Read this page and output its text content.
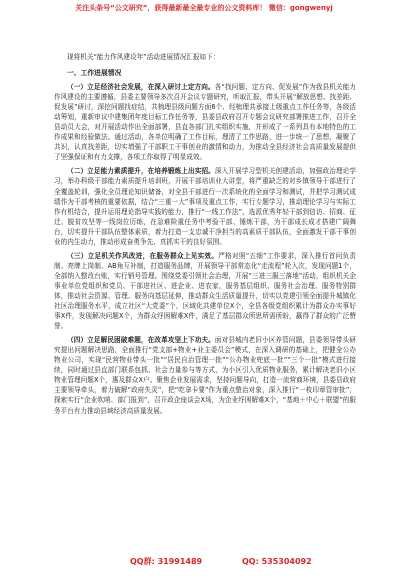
关注头条号“公文研究”，获得最新最全最专业的公文资料库！ 微信：gongwenyj

现将机关“能力作风建设年”活动进展情况汇报如下：

一、工作进展情况

（一）立足经济社会发展，在深入研讨上定方向。各“找问题、定方向、促发展”作为我县机关能力作风建设的主要遵循，县委主要领导多次召开会议专题研究，听取汇报，带头开展“解放思想、找差距、促发展”研讨，深挖问题找症结，共梳理县级问题方面6个、经梳理共承接上级重点工作任务等，各级活动筹划，重新审议中建集团年度目标工作任务等，县委县政府召开专题会议研究部署推进工作，召开全县动员大会，对开展活动作出全面部署，县直各部门扎实组织实施，并形成了一系列具有本地特色的工作成果和经验做法。通过活动，各单位明确了工作目标，理清了工作思路，进一步统一了思想，凝聚了共识，认真找差距，切实增强了干部职工干事创业的激情和动力，为推动全县经济社会高质量发展提供了坚强保证和有力支撑，各项工作取得了明显成效。

（二）立足能力素质提升，在培养锻炼上出实招。深入开展学习型机关创建活动，加强政治理论学习，举办科级干部能力素质提升培训班，开展干部培训业大讲堂，将严重缺乏的对乡镇领导干部进行了全覆盖轮训，强化全员理论知识储备，对全县干部进行一次系统化的全面学习和测试，并把学习测试成绩作为干部考核的重要依据，结合“三重一大”事项及重点工作，实行专题学习，推动理论学习与实际工作有机结合，提升运用理论指导实践的能力，推行“一线工作法”，选派优秀年轻干部到信访、招商、征迁、脱贫攻坚等一线岗位历练，在急难险重任务中考验干部、锤炼干部，为干部成长成才搭建广阔舞台，切实提升干部队伍整体素质，着力打造一支忠诚干净担当的高素质干部队伍，全面激发干部干事创业的内生动力，推动形成奋勇争先、真抓实干的良好氛围。

（三）立足机关作风改进，在服务群众上见实效。严格对照“五细”工作要求，深入推行首问负责制、亮牌上岗制、AB角互补制，打造服务品牌，开展领导干部常态化“走流程”轮入次，发现问题1个，全部纳入整改台账，实行销号管理。围绕党委引领社会治理，开展“三进三服三落地”活动，组织机关企事业单位党组织和党员、干部进社区、进企业、进农家，服务基层组织、服务社会治理、服务特别群体，推动社会资源、管理、服务向基层延伸，推动群众生活质量提升，切实以党建引领全面提升城镇化社区治理服务水平，成立社区“大党委”个，区域化共建单位X个，全县各级党组织累计为群众办实事好事X件，发现解决问题X个，为群众纾困解难X件，满足了基层群众所思所需所盼，赢得了群众的广泛赞誉。

（四）立足解民困破难题，在改革攻坚上下功夫。面对县城内老旧小区养管问题，县委领导带头研究提出问题解决思路，全面推行“党支部+物业+业主委员会”模式，在深入调研的基础上，把健全公办物业公司，实现“民营物业带头一批”“居民自治管理一批”“公办物业兜底一批”“三个一批”模式进行接续，同时通过县直部门联系包抓、社会力量参与等方式，为小区引入优质物业服务，累计解决老旧小区物业管理问题X个，惠及群众X户。聚焦企业发展需求，坚持问题导向，打造一流营商环境，县委县政府主要领导牵头，着力破解“政府失灵”，把“吃拿卡要”作为重点整治对象，深入推行“一枚印章管审批”，探索实行“企业吹哨、部门报到”，召开政企座谈会X场，为企业纾困解难X个，“基地＋中心＋联盟”的服务平台有力推动县域经济高质量发展。

QQ群: 31991489	QQ: 535304092
